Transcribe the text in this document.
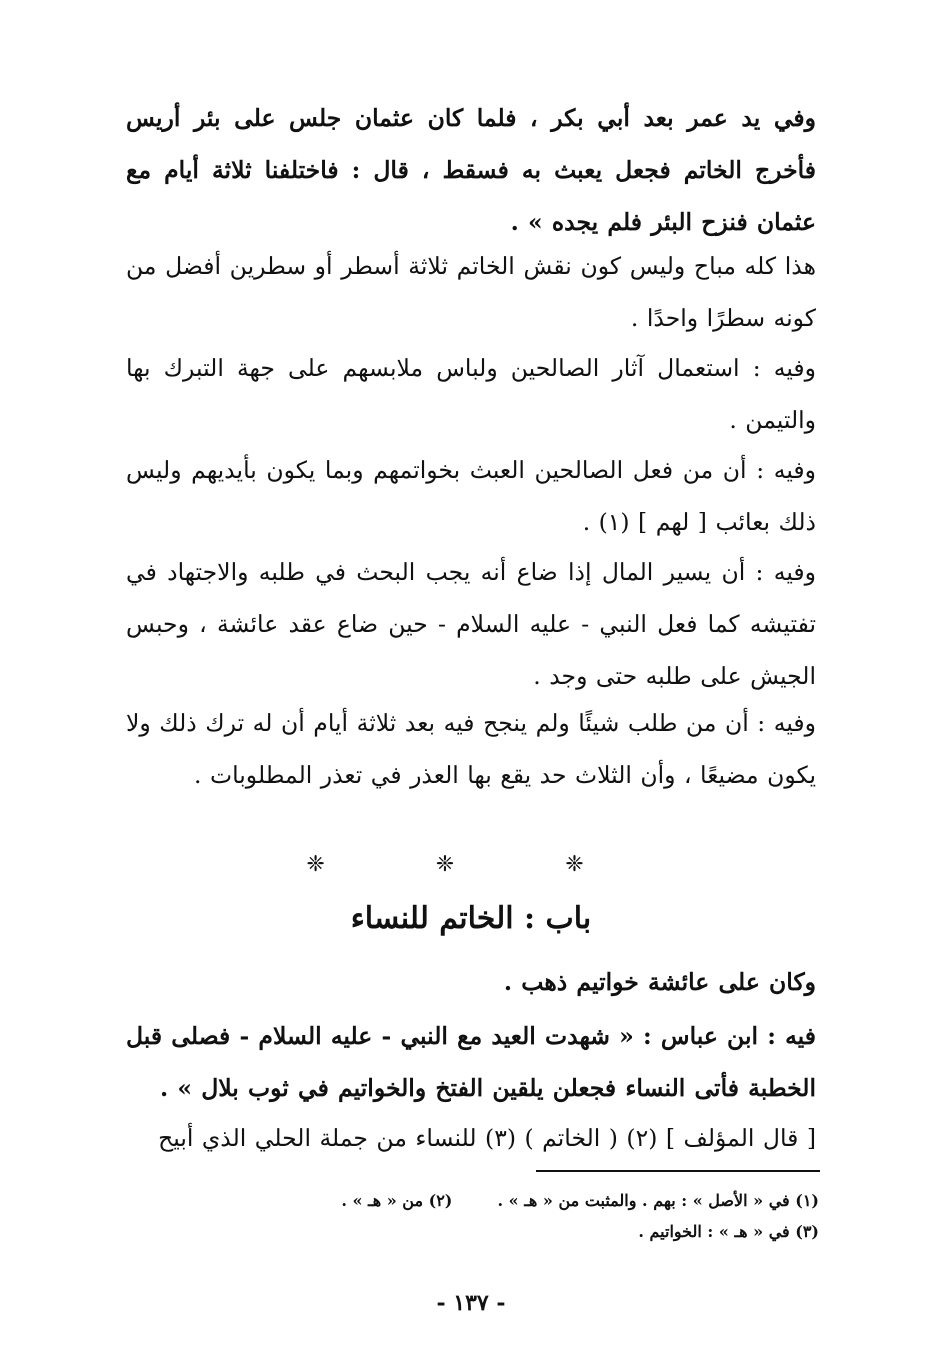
وفي يد عمر بعد أبي بكر ، فلما كان عثمان جلس على بئر أريس فأخرج الخاتم فجعل يعبث به فسقط ، قال : فاختلفنا ثلاثة أيام مع عثمان فنزح البئر فلم يجده » .
هذا كله مباح وليس كون نقش الخاتم ثلاثة أسطر أو سطرين أفضل من كونه سطرًا واحدًا .
وفيه : استعمال آثار الصالحين ولباس ملابسهم على جهة التبرك بها والتيمن .
وفيه : أن من فعل الصالحين العبث بخواتمهم وبما يكون بأيديهم وليس ذلك بعائب [ لهم ] (١) .
وفيه : أن يسير المال إذا ضاع أنه يجب البحث في طلبه والاجتهاد في تفتيشه كما فعل النبي - عليه السلام - حين ضاع عقد عائشة ، وحبس الجيش على طلبه حتى وجد .
وفيه : أن من طلب شيئًا ولم ينجح فيه بعد ثلاثة أيام أن له ترك ذلك ولا يكون مضيعًا ، وأن الثلاث حد يقع بها العذر في تعذر المطلوبات .
❈ ❈ ❈
باب : الخاتم للنساء
وكان على عائشة خواتيم ذهب .
فيه : ابن عباس : « شهدت العيد مع النبي - عليه السلام - فصلى قبل الخطبة فأتى النساء فجعلن يلقين الفتخ والخواتيم في ثوب بلال » .
[ قال المؤلف ] (٢) ( الخاتم ) (٣) للنساء من جملة الحلي الذي أبيح
(١) في « الأصل » : بهم . والمثبت من « هـ » .  (٢) من « هـ » .
(٣) في « هـ » : الخواتيم .
- ١٣٧ -
